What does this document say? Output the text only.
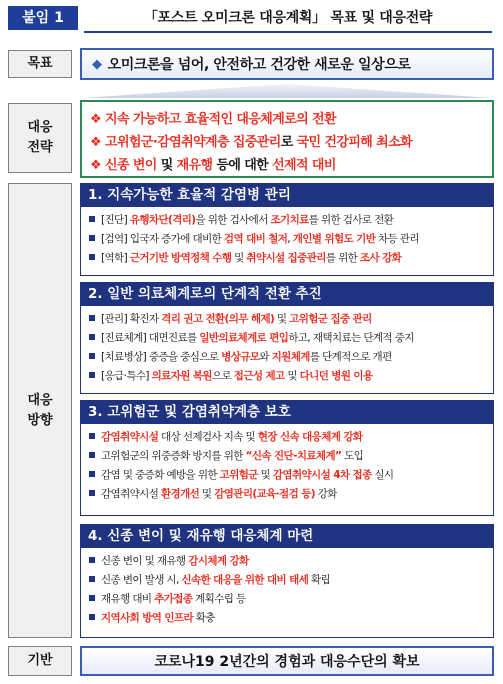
붙임 1	「포스트 오미크론 대응계획」 목표 및 대응전략
목표	◆ 오미크론을 넘어, 안전하고 건강한 새로운 일상으로
대응
전략
❖ 지속 가능하고 효율적인 대응체계로의 전환
❖ 고위험군·감염취약계층 집중관리로 국민 건강피해 최소화
❖ 신종 변이 및 재유행 등에 대한 선제적 대비
대응
방향
1. 지속가능한 효율적 감염병 관리
[진단] 유행차단(격리)을 위한 검사에서 조기치료를 위한 검사로 전환
[검역] 입국자 증가에 대비한 검역 대비 철저, 개인별 위험도 기반 차등 관리
[역학] 근거기반 방역정책 수행 및 취약시설 집중관리를 위한 조사 강화
2. 일반 의료체계로의 단계적 전환 추진
[관리] 확진자 격리 권고 전환(의무 해제) 및 고위험군 집중 관리
[진료체계] 대면진료를 일반의료체계로 편입하고, 재택치료는 단계적 중지
[치료병상] 중증을 중심으로 병상규모와 지원체계를 단계적으로 개편
[응급·특수] 의료자원 복원으로 접근성 제고 및 다니던 병원 이용
3. 고위험군 및 감염취약계층 보호
감염취약시설 대상 선제검사 지속 및 현장 신속 대응체계 강화
고위험군의 위중증화 방지를 위한 “신속 진단-치료체계” 도입
감염 및 중증화 예방을 위한 고위험군 및 감염취약시설 4차 접종 실시
감염취약시설 환경개선 및 감염관리(교육·점검 등) 강화
4. 신종 변이 및 재유행 대응체계 마련
신종 변이 및 재유행 감시체계 강화
신종 변이 발생 시, 신속한 대응을 위한 대비 태세 확립
재유행 대비 추가접종 계획수립 등
지역사회 방역 인프라 확충
기반	코로나19 2년간의 경험과 대응수단의 확보
